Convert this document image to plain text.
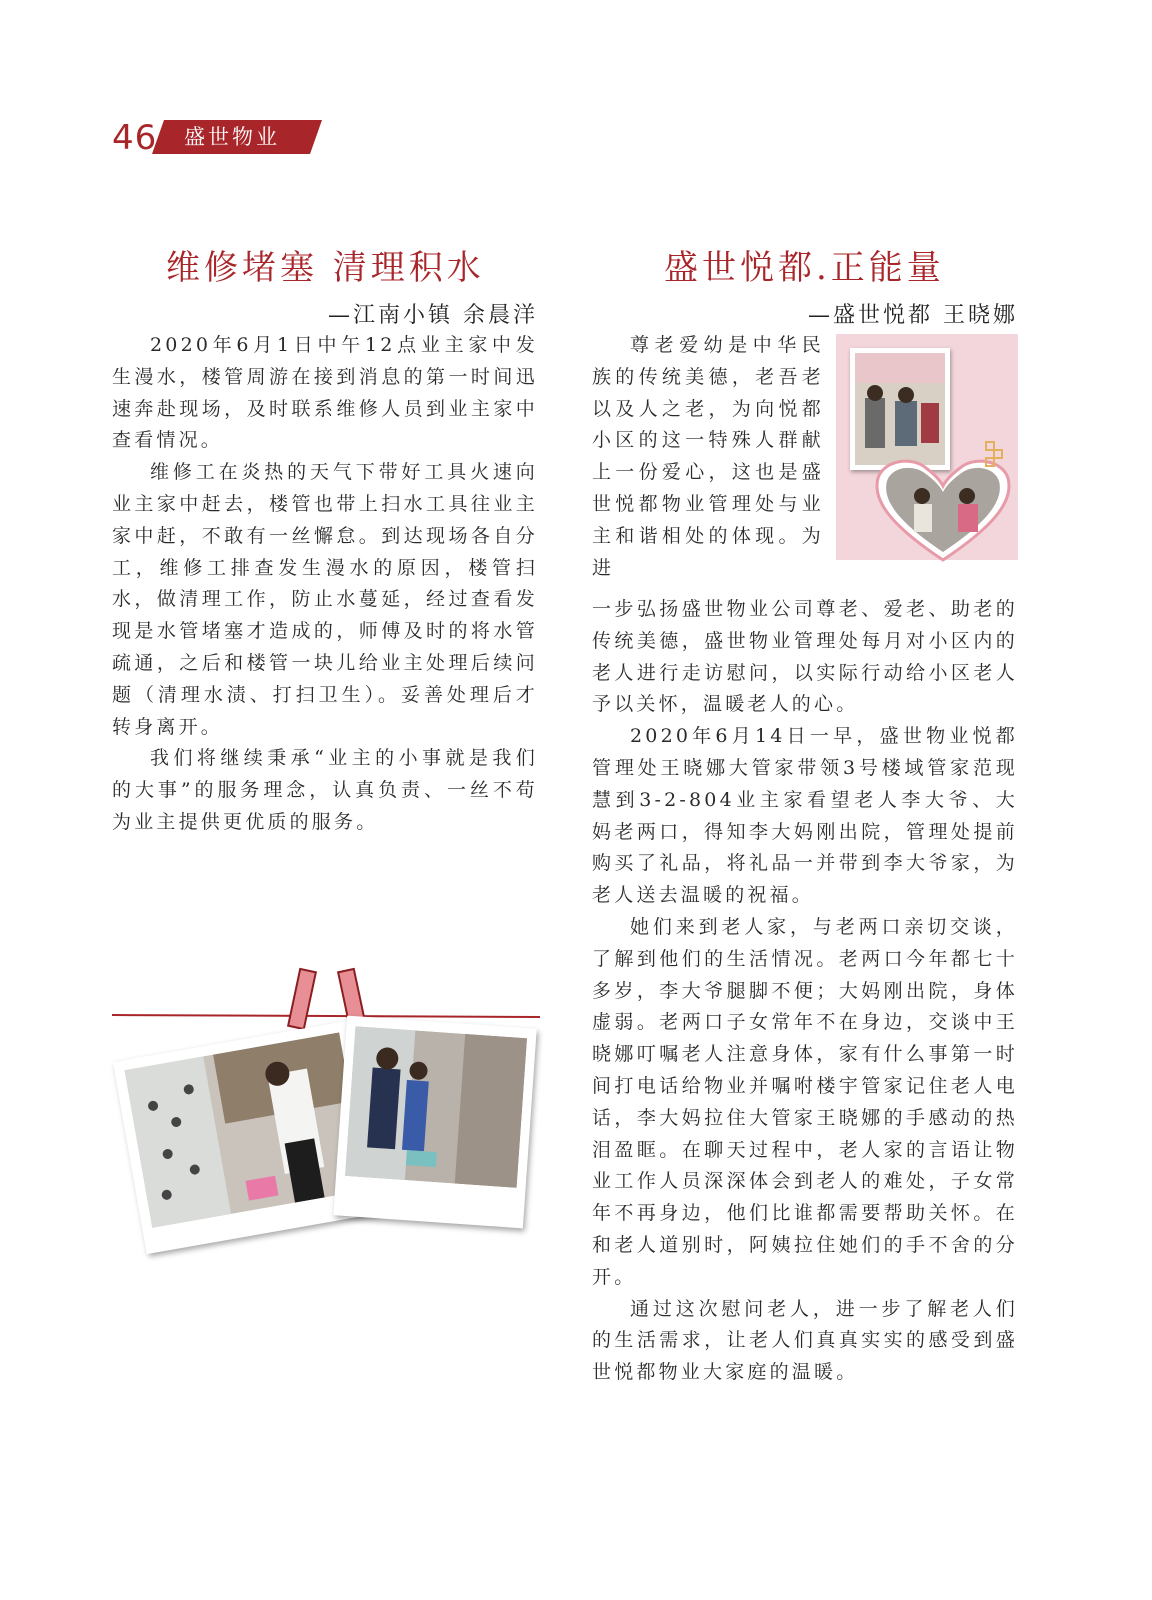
46 盛世物业
维修堵塞 清理积水
—江南小镇 余晨洋

2020年6月1日中午12点业主家中发生漫水，楼管周游在接到消息的第一时间迅速奔赴现场，及时联系维修人员到业主家中查看情况。

维修工在炎热的天气下带好工具火速向业主家中赶去，楼管也带上扫水工具往业主家中赶，不敢有一丝懈怠。到达现场各自分工，维修工排查发生漫水的原因，楼管扫水，做清理工作，防止水蔓延，经过查看发现是水管堵塞才造成的，师傅及时的将水管疏通，之后和楼管一块儿给业主处理后续问题（清理水渍、打扫卫生）。妥善处理后才转身离开。

我们将继续秉承“业主的小事就是我们的大事”的服务理念，认真负责、一丝不苟为业主提供更优质的服务。

盛世悦都.正能量
—盛世悦都 王晓娜

尊老爱幼是中华民族的传统美德，老吾老以及人之老，为向悦都小区的这一特殊人群献上一份爱心，这也是盛世悦都物业管理处与业主和谐相处的体现。为进

一步弘扬盛世物业公司尊老、爱老、助老的传统美德，盛世物业管理处每月对小区内的老人进行走访慰问，以实际行动给小区老人予以关怀，温暖老人的心。

2020年6月14日一早，盛世物业悦都管理处王晓娜大管家带领3号楼域管家范现慧到3-2-804业主家看望老人李大爷、大妈老两口，得知李大妈刚出院，管理处提前购买了礼品，将礼品一并带到李大爷家，为老人送去温暖的祝福。

她们来到老人家，与老两口亲切交谈，了解到他们的生活情况。老两口今年都七十多岁，李大爷腿脚不便；大妈刚出院，身体虚弱。老两口子女常年不在身边，交谈中王晓娜叮嘱老人注意身体，家有什么事第一时间打电话给物业并嘱咐楼宇管家记住老人电话，李大妈拉住大管家王晓娜的手感动的热泪盈眶。在聊天过程中，老人家的言语让物业工作人员深深体会到老人的难处，子女常年不再身边，他们比谁都需要帮助关怀。在和老人道别时，阿姨拉住她们的手不舍的分开。

通过这次慰问老人，进一步了解老人们的生活需求，让老人们真真实实的感受到盛世悦都物业大家庭的温暖。
